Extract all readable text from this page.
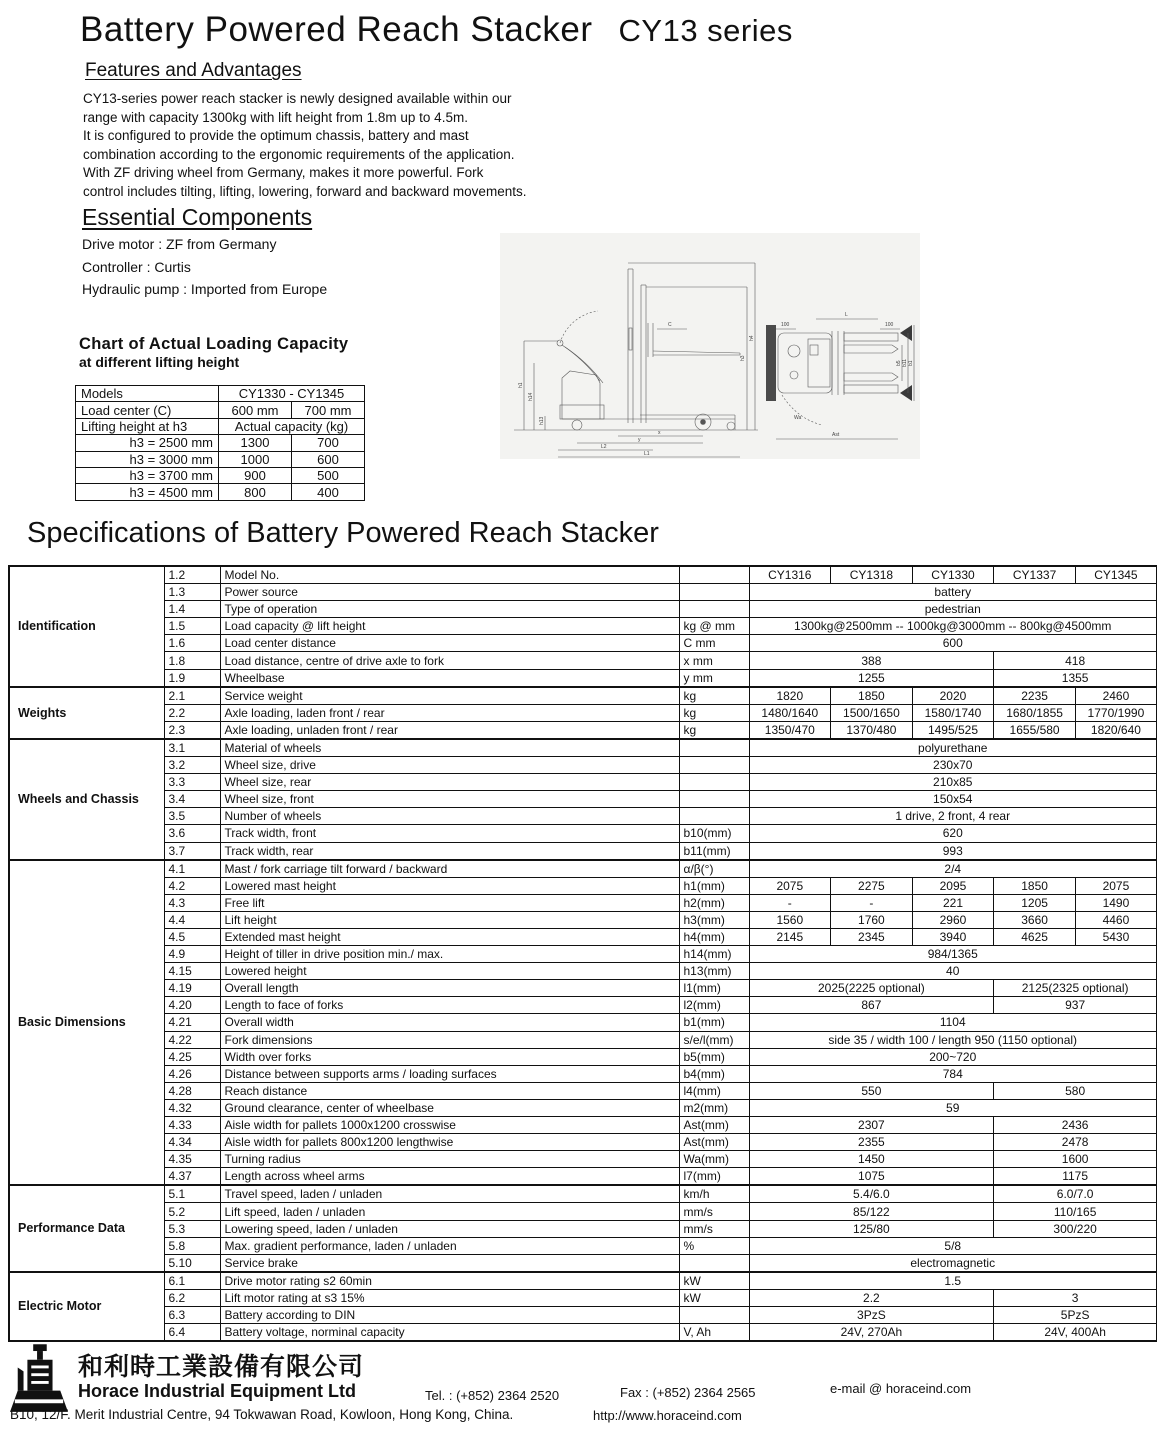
Battery Powered Reach Stacker CY13 series
Features and Advantages
CY13-series power reach stacker is newly designed available within our
range with capacity 1300kg with lift height from 1.8m up to 4.5m.
It is configured to provide the optimum chassis, battery and mast
combination according to the ergonomic requirements of the application.
With ZF driving wheel from Germany, makes it more powerful. Fork
control includes tilting, lifting, lowering, forward and backward movements.
Essential Components
Drive motor : ZF from Germany
Controller : Curtis
Hydraulic pump : Imported from Europe
Chart of Actual Loading Capacity
at different lifting height
Models	CY1330 - CY1345	
Load center (C)	600 mm	700 mm
Lifting height at h3	Actual capacity (kg)	
h3 = 2500 mm	1300	700
h3 = 3000 mm	1000	600
h3 = 3700 mm	900	500
h3 = 4500 mm	800	400
C
h3
h4
h1
h14
h13
x
y
L2
L1
100
L
100
b5 b11 b1
Wa
Ast
Specifications of Battery Powered Reach Stacker
Identification	1.2	Model No.		CY1316	CY1318	CY1330	CY1337	CY1345
	1.3	Power source		battery				
	1.4	Type of operation		pedestrian				
	1.5	Load capacity @ lift height	kg @ mm	1300kg@2500mm -- 1000kg@3000mm -- 800kg@4500mm				
	1.6	Load center distance	C mm	600				
	1.8	Load distance, centre of drive axle to fork	x mm	388			418	
	1.9	Wheelbase	y mm	1255			1355	
Weights	2.1	Service weight	kg	1820	1850	2020	2235	2460
	2.2	Axle loading, laden front / rear	kg	1480/1640	1500/1650	1580/1740	1680/1855	1770/1990
	2.3	Axle loading, unladen front / rear	kg	1350/470	1370/480	1495/525	1655/580	1820/640
Wheels and Chassis	3.1	Material of wheels		polyurethane				
	3.2	Wheel size, drive		230x70				
	3.3	Wheel size, rear		210x85				
	3.4	Wheel size, front		150x54				
	3.5	Number of wheels		1 drive, 2 front, 4 rear				
	3.6	Track width, front	b10(mm)	620				
	3.7	Track width, rear	b11(mm)	993				
Basic Dimensions	4.1	Mast / fork carriage tilt forward / backward	α/β(°)	2/4				
	4.2	Lowered mast height	h1(mm)	2075	2275	2095	1850	2075
	4.3	Free lift	h2(mm)	-	-	221	1205	1490
	4.4	Lift height	h3(mm)	1560	1760	2960	3660	4460
	4.5	Extended mast height	h4(mm)	2145	2345	3940	4625	5430
	4.9	Height of tiller in drive position min./ max.	h14(mm)	984/1365				
	4.15	Lowered height	h13(mm)	40				
	4.19	Overall length	l1(mm)	2025(2225 optional)			2125(2325 optional)	
	4.20	Length to face of forks	l2(mm)	867			937	
	4.21	Overall width	b1(mm)	1104				
	4.22	Fork dimensions	s/e/l(mm)	side 35 / width 100 / length 950 (1150 optional)				
	4.25	Width over forks	b5(mm)	200~720				
	4.26	Distance between supports arms / loading surfaces	b4(mm)	784				
	4.28	Reach distance	l4(mm)	550			580	
	4.32	Ground clearance, center of wheelbase	m2(mm)	59				
	4.33	Aisle width for pallets 1000x1200 crosswise	Ast(mm)	2307			2436	
	4.34	Aisle width for pallets 800x1200 lengthwise	Ast(mm)	2355			2478	
	4.35	Turning radius	Wa(mm)	1450			1600	
	4.37	Length across wheel arms	l7(mm)	1075			1175	
Performance Data	5.1	Travel speed, laden / unladen	km/h	5.4/6.0			6.0/7.0	
	5.2	Lift speed, laden / unladen	mm/s	85/122			110/165	
	5.3	Lowering speed, laden / unladen	mm/s	125/80			300/220	
	5.8	Max. gradient performance, laden / unladen	%	5/8				
	5.10	Service brake		electromagnetic				
Electric Motor	6.1	Drive motor rating s2 60min	kW	1.5				
	6.2	Lift motor rating at s3 15%	kW	2.2			3	
	6.3	Battery according to DIN		3PzS			5PzS	
	6.4	Battery voltage, norminal capacity	V, Ah	24V, 270Ah			24V, 400Ah	
和利時工業設備有限公司
Horace Industrial Equipment Ltd	Tel. : (+852) 2364 2520	Fax : (+852) 2364 2565	e-mail @ horaceind.com
B10, 12/F. Merit Industrial Centre, 94 Tokwawan Road, Kowloon, Hong Kong, China.	http://www.horaceind.com
